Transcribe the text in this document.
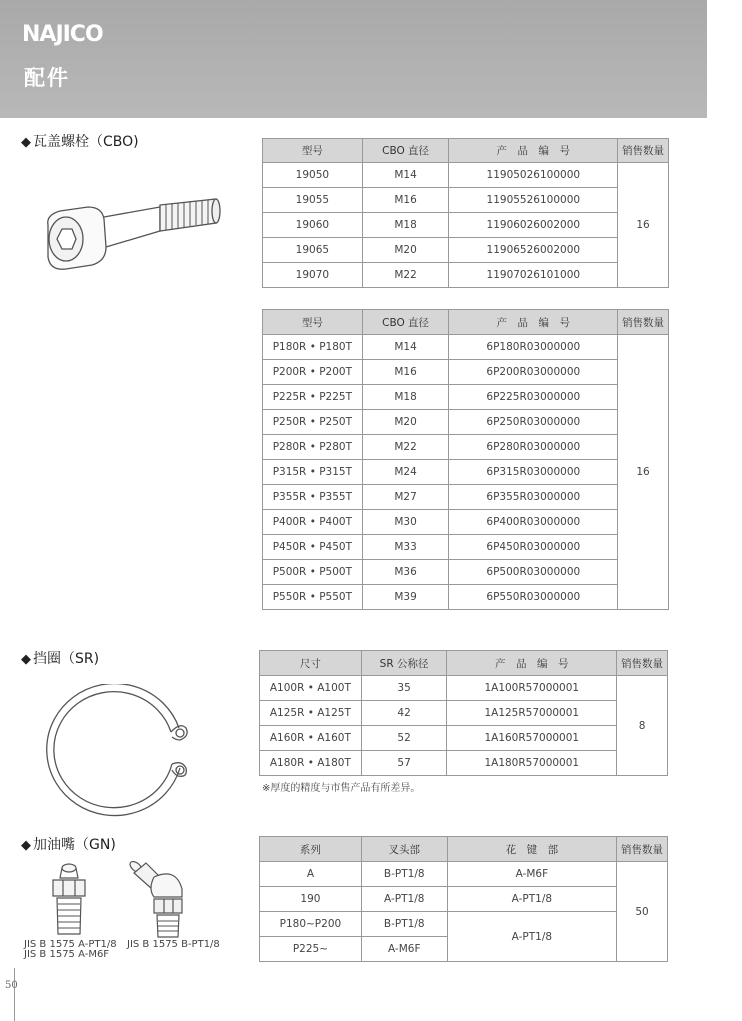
NAJICO
配件
◆ 瓦盖螺栓（CBO)
型号	CBO 直径	产　品　编　号	销售数量
19050	M14	11905026100000	16
19055	M16	11905526100000	
19060	M18	11906026002000	
19065	M20	11906526002000	
19070	M22	11907026101000	
型号	CBO 直径	产　品　编　号	销售数量
P180R • P180T	M14	6P180R03000000	16
P200R • P200T	M16	6P200R03000000	
P225R • P225T	M18	6P225R03000000	
P250R • P250T	M20	6P250R03000000	
P280R • P280T	M22	6P280R03000000	
P315R • P315T	M24	6P315R03000000	
P355R • P355T	M27	6P355R03000000	
P400R • P400T	M30	6P400R03000000	
P450R • P450T	M33	6P450R03000000	
P500R • P500T	M36	6P500R03000000	
P550R • P550T	M39	6P550R03000000	
◆ 挡圈（SR)	尺寸	SR 公称径	产　品　编　号	销售数量
A100R • A100T	35	1A100R57000001	8
A125R • A125T	42	1A125R57000001	
A160R • A160T	52	1A160R57000001	
A180R • A180T	57	1A180R57000001	
※厚度的精度与市售产品有所差异。
◆ 加油嘴（GN)
JIS B 1575 A-PT1/8
JIS B 1575 A-M6F
JIS B 1575 B-PT1/8
系列	叉头部	花　键　部	销售数量
A	B-PT1/8	A-M6F	50
190	A-PT1/8	A-PT1/8	
P180~P200	B-PT1/8	A-PT1/8	
P225~	A-M6F		
50
